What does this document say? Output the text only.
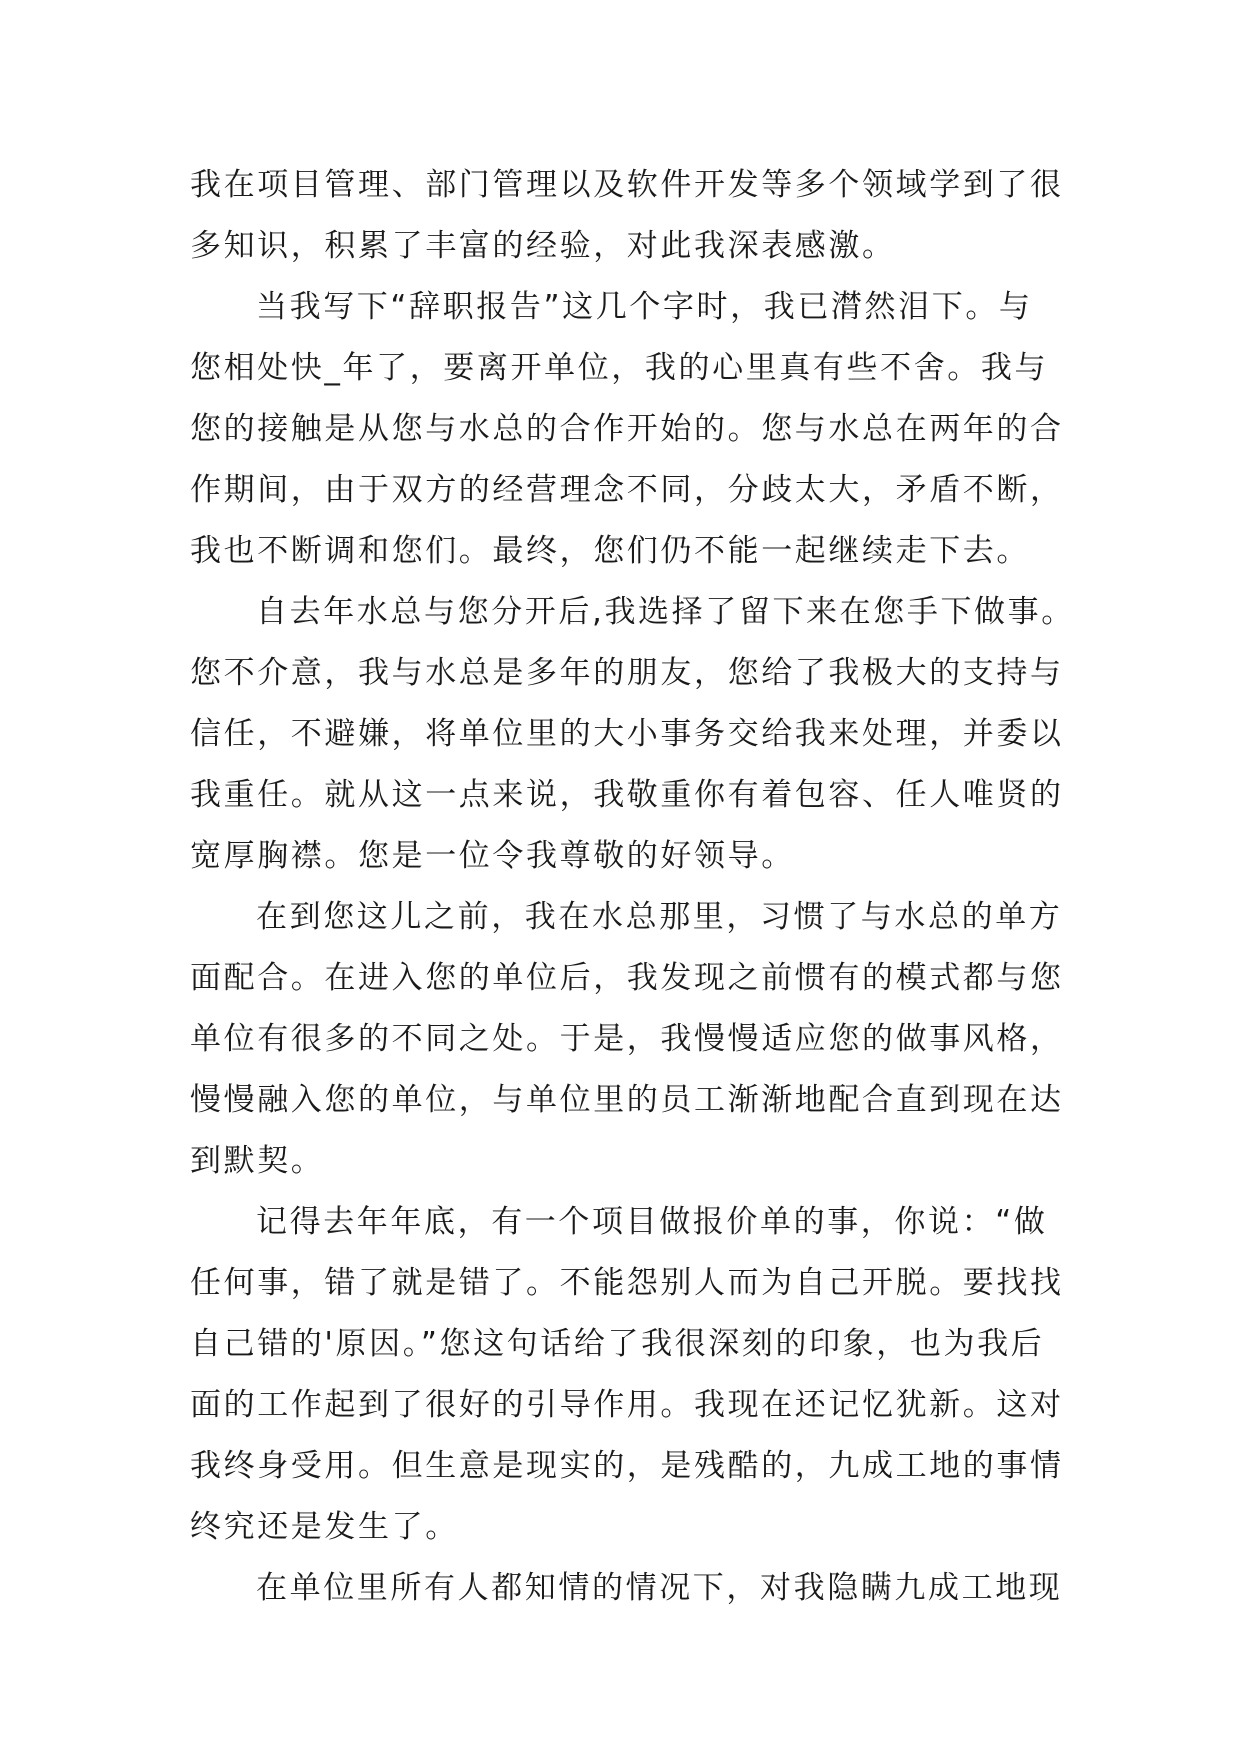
我在项目管理、部门管理以及软件开发等多个领域学到了很
多知识，积累了丰富的经验，对此我深表感激。
当我写下“辞职报告”这几个字时，我已潸然泪下。与
您相处快_年了，要离开单位，我的心里真有些不舍。我与
您的接触是从您与水总的合作开始的。您与水总在两年的合
作期间，由于双方的经营理念不同，分歧太大，矛盾不断，
我也不断调和您们。最终，您们仍不能一起继续走下去。
自去年水总与您分开后,我选择了留下来在您手下做事。
您不介意，我与水总是多年的朋友，您给了我极大的支持与
信任，不避嫌，将单位里的大小事务交给我来处理，并委以
我重任。就从这一点来说，我敬重你有着包容、任人唯贤的
宽厚胸襟。您是一位令我尊敬的好领导。
在到您这儿之前，我在水总那里，习惯了与水总的单方
面配合。在进入您的单位后，我发现之前惯有的模式都与您
单位有很多的不同之处。于是，我慢慢适应您的做事风格，
慢慢融入您的单位，与单位里的员工渐渐地配合直到现在达
到默契。
记得去年年底，有一个项目做报价单的事，你说：“做
任何事，错了就是错了。不能怨别人而为自己开脱。要找找
自己错的'原因。”您这句话给了我很深刻的印象，也为我后
面的工作起到了很好的引导作用。我现在还记忆犹新。这对
我终身受用。但生意是现实的，是残酷的，九成工地的事情
终究还是发生了。
在单位里所有人都知情的情况下，对我隐瞒九成工地现
